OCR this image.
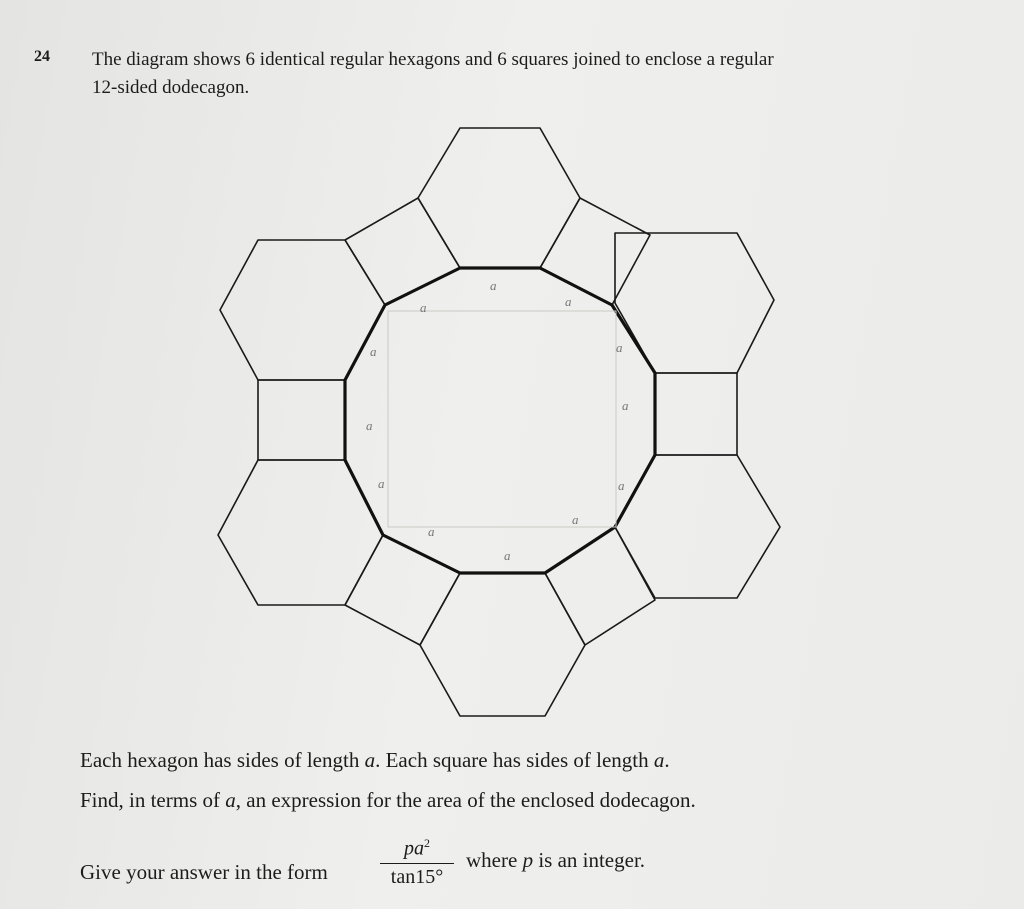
24 The diagram shows 6 identical regular hexagons and 6 squares joined to enclose a regular
12-sided dodecagon.
a
a	a
a	a
a
a
a	a
a
a
a
Each hexagon has sides of length a. Each square has sides of length a.
Find, in terms of a, an expression for the area of the enclosed dodecagon.
Give your answer in the form	$\frac{pa^2}{\tan 15^\circ}$ where p is an integer.
